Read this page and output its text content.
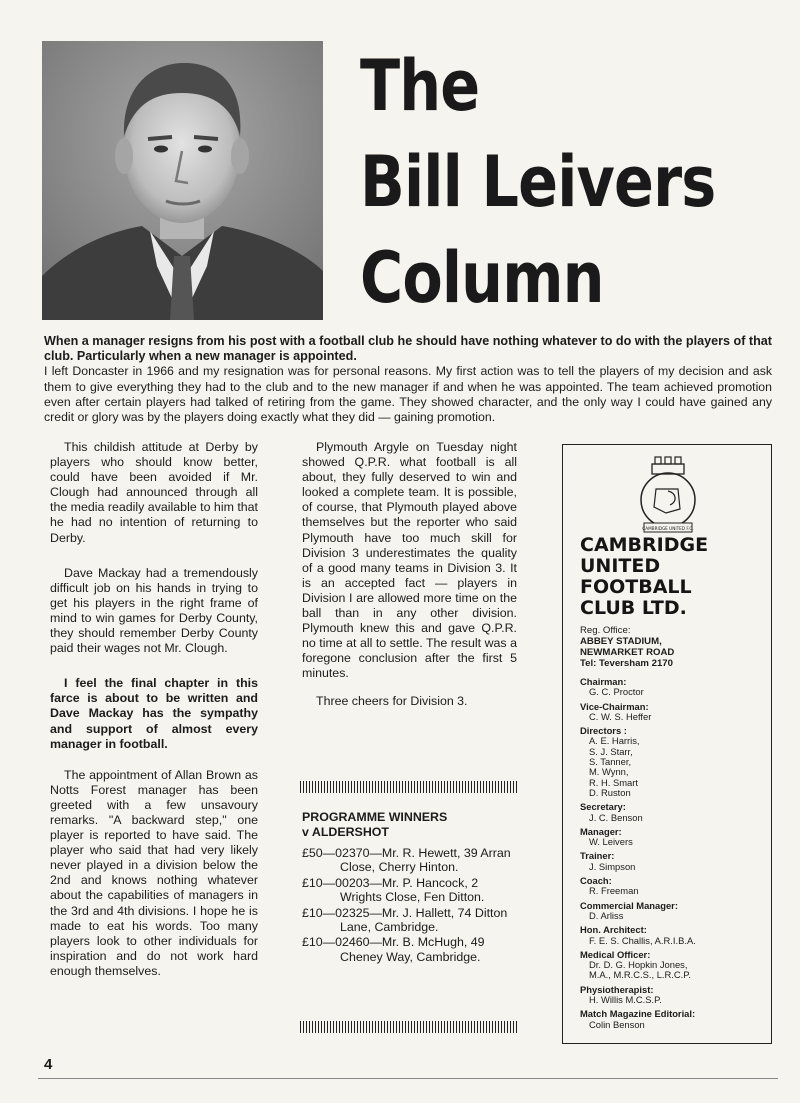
The
Bill Leivers
Column

When a manager resigns from his post with a football club he should have nothing whatever to do with the players of that club. Particularly when a new manager is appointed.

I left Doncaster in 1966 and my resignation was for personal reasons. My first action was to tell the players of my decision and ask them to give everything they had to the club and to the new manager if and when he was appointed. The team achieved promotion even after certain players had talked of retiring from the game. They showed character, and the only way I could have gained any credit or glory was by the players doing exactly what they did — gaining promotion.

This childish attitude at Derby by players who should know better, could have been avoided if Mr. Clough had announced through all the media readily available to him that he had no intention of returning to Derby.

Dave Mackay had a tremendously difficult job on his hands in trying to get his players in the right frame of mind to win games for Derby County, they should remember Derby County paid their wages not Mr. Clough.

I feel the final chapter in this farce is about to be written and Dave Mackay has the sympathy and support of almost every manager in football.

The appointment of Allan Brown as Notts Forest manager has been greeted with a few unsavoury remarks. "A backward step," one player is reported to have said. The player who said that had very likely never played in a division below the 2nd and knows nothing whatever about the capabilities of managers in the 3rd and 4th divisions. I hope he is made to eat his words. Too many players look to other individuals for inspiration and do not work hard enough themselves.

Plymouth Argyle on Tuesday night showed Q.P.R. what football is all about, they fully deserved to win and looked a complete team. It is possible, of course, that Plymouth played above themselves but the reporter who said Plymouth have too much skill for Division 3 underestimates the quality of a good many teams in Division 3. It is an accepted fact — players in Division I are allowed more time on the ball than in any other division. Plymouth knew this and gave Q.P.R. no time at all to settle. The result was a foregone conclusion after the first 5 minutes.

Three cheers for Division 3.

PROGRAMME WINNERS
v ALDERSHOT
£50—02370—Mr. R. Hewett, 39 Arran Close, Cherry Hinton.
£10—00203—Mr. P. Hancock, 2 Wrights Close, Fen Ditton.
£10—02325—Mr. J. Hallett, 74 Ditton Lane, Cambridge.
£10—02460—Mr. B. McHugh, 49 Cheney Way, Cambridge.
CAMBRIDGE UNITED F.C.
CAMBRIDGE
UNITED
FOOTBALL
CLUB LTD.
Reg. Office:
ABBEY STADIUM,
NEWMARKET ROAD
Tel: Teversham 2170
Chairman:
G. C. Proctor
Vice-Chairman:
C. W. S. Heffer
Directors :
A. E. Harris,
S. J. Starr,
S. Tanner,
M. Wynn,
R. H. Smart
D. Ruston
Secretary:
J. C. Benson
Manager:
W. Leivers
Trainer:
J. Simpson
Coach:
R. Freeman
Commercial Manager:
D. Arliss
Hon. Architect:
F. E. S. Challis, A.R.I.B.A.
Medical Officer:
Dr. D. G. Hopkin Jones,
M.A., M.R.C.S., L.R.C.P.
Physiotherapist:
H. Willis M.C.S.P.
Match Magazine Editorial:
Colin Benson
4
